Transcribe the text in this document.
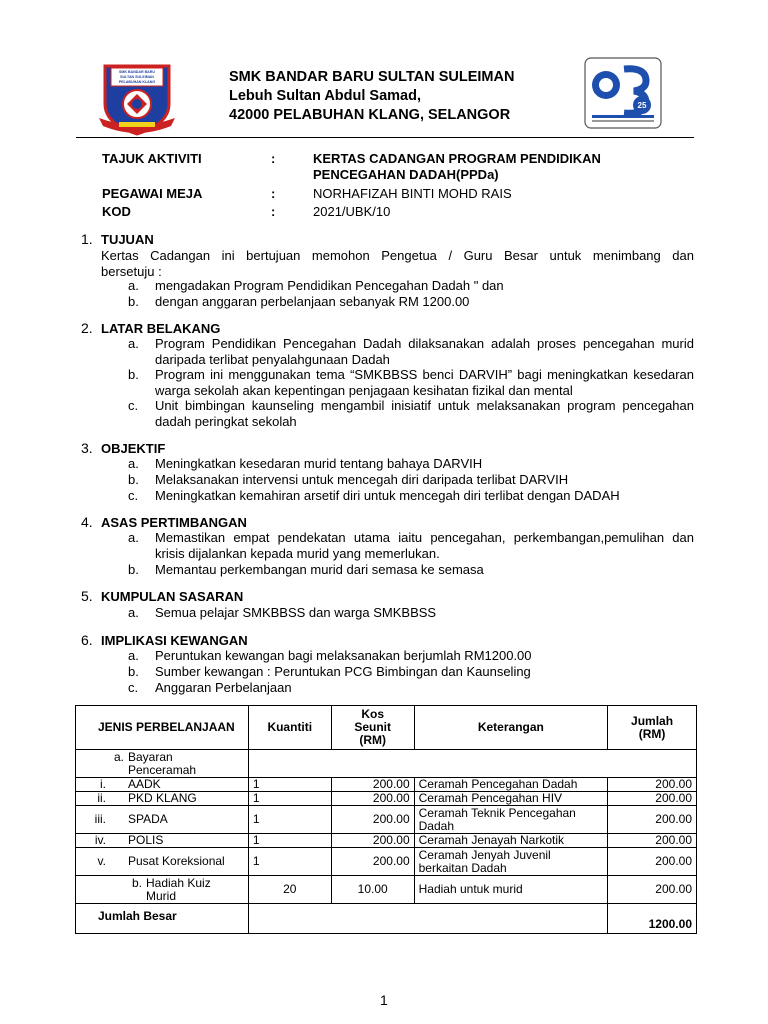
SMK BANDAR BARU
SULTAN SULEIMAN
PELABUHAN KLANG
25
SMK BANDAR BARU SULTAN SULEIMAN
Lebuh Sultan Abdul Samad,
42000 PELABUHAN KLANG, SELANGOR
TAJUK AKTIVITI	:	KERTAS CADANGAN PROGRAM PENDIDIKAN
PENCEGAHAN DADAH(PPDa)
PEGAWAI MEJA	:	NORHAFIZAH BINTI MOHD RAIS
KOD	:	2021/UBK/10
1. TUJUAN
Kertas Cadangan ini bertujuan memohon Pengetua / Guru Besar untuk menimbang dan
bersetuju :
a.	mengadakan Program Pendidikan Pencegahan Dadah " dan
b.	dengan anggaran perbelanjaan sebanyak RM 1200.00
2. LATAR BELAKANG
a.	Program Pendidikan Pencegahan Dadah dilaksanakan adalah proses pencegahan murid daripada terlibat penyalahgunaan Dadah
b.	Program ini menggunakan tema “SMKBBSS benci DARVIH” bagi meningkatkan kesedaran warga sekolah akan kepentingan penjagaan kesihatan fizikal dan mental
c.	Unit bimbingan kaunseling mengambil inisiatif untuk melaksanakan program pencegahan dadah peringkat sekolah
3. OBJEKTIF
a.	Meningkatkan kesedaran murid tentang bahaya DARVIH
b.	Melaksanakan intervensi untuk mencegah diri daripada terlibat DARVIH
c.	Meningkatkan kemahiran arsetif diri untuk mencegah diri terlibat dengan DADAH
4. ASAS PERTIMBANGAN
a.	Memastikan empat pendekatan utama iaitu pencegahan, perkembangan,pemulihan dan krisis dijalankan kepada murid yang memerlukan.
b.	Memantau perkembangan murid dari semasa ke semasa
5. KUMPULAN SASARAN
a.	Semua pelajar SMKBBSS dan warga SMKBBSS
6. IMPLIKASI KEWANGAN
a.	Peruntukan kewangan bagi melaksanakan berjumlah RM1200.00
b.	Sumber kewangan : Peruntukan PCG Bimbingan dan Kaunseling
c.	Anggaran Perbelanjaan
JENIS PERBELANJAAN	Kuantiti	Kos Seunit (RM)	Keterangan	Jumlah (RM)

a. Bayaran Penceramah				

i. AADK	1	200.00	Ceramah Pencegahan Dadah	200.00

ii. PKD KLANG	1	200.00	Ceramah Pencegahan HIV	200.00

iii. SPADA	1	200.00	Ceramah Teknik Pencegahan Dadah	200.00

iv. POLIS	1	200.00	Ceramah Jenayah Narkotik	200.00

v. Pusat Koreksional	1	200.00	Ceramah Jenyah Juvenil berkaitan Dadah	200.00

b. Hadiah Kuiz Murid	20	10.00	Hadiah untuk murid	200.00
Jumlah Besar				1200.00
1
